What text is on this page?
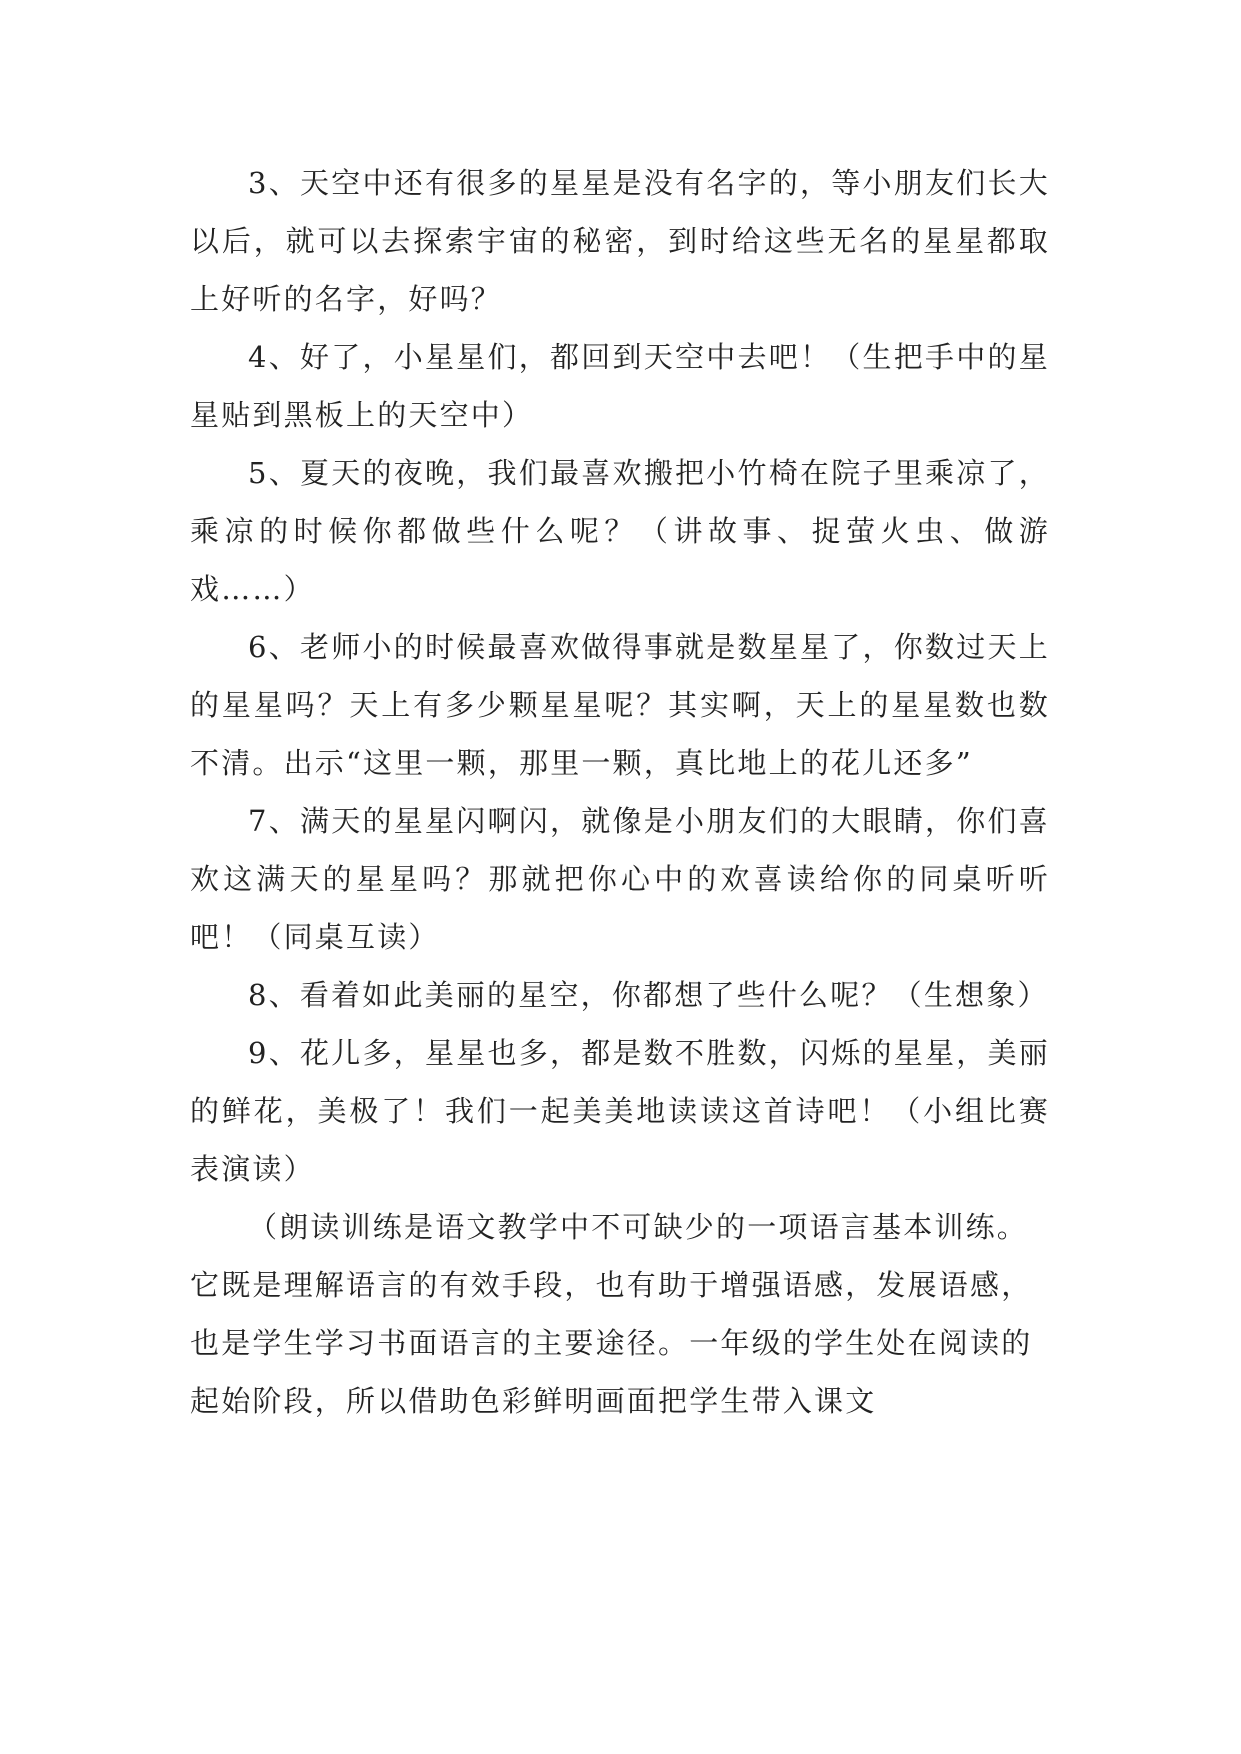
3、天空中还有很多的星星是没有名字的，等小朋友们长大以后，就可以去探索宇宙的秘密，到时给这些无名的星星都取上好听的名字，好吗？

4、好了，小星星们，都回到天空中去吧！（生把手中的星星贴到黑板上的天空中）

5、夏天的夜晚，我们最喜欢搬把小竹椅在院子里乘凉了，乘凉的时候你都做些什么呢？（讲故事、捉萤火虫、做游戏……）

6、老师小的时候最喜欢做得事就是数星星了，你数过天上的星星吗？天上有多少颗星星呢？其实啊，天上的星星数也数不清。出示“这里一颗，那里一颗，真比地上的花儿还多”

7、满天的星星闪啊闪，就像是小朋友们的大眼睛，你们喜欢这满天的星星吗？那就把你心中的欢喜读给你的同桌听听吧！（同桌互读）

8、看着如此美丽的星空，你都想了些什么呢？（生想象）

9、花儿多，星星也多，都是数不胜数，闪烁的星星，美丽的鲜花，美极了！我们一起美美地读读这首诗吧！（小组比赛表演读）

（朗读训练是语文教学中不可缺少的一项语言基本训练。它既是理解语言的有效手段，也有助于增强语感，发展语感，也是学生学习书面语言的主要途径。一年级的学生处在阅读的起始阶段，所以借助色彩鲜明画面把学生带入课文
